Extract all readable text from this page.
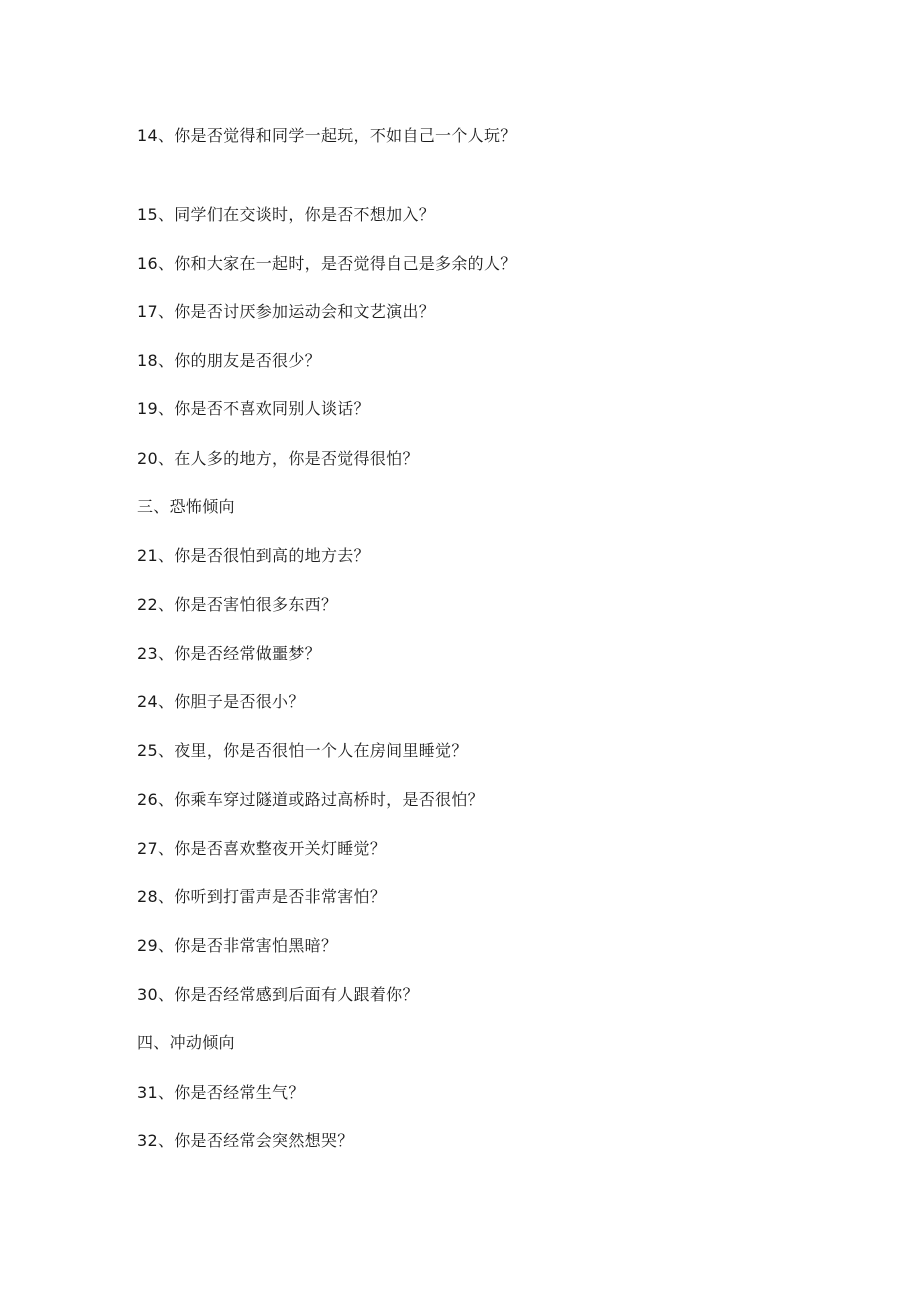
14、你是否觉得和同学一起玩，不如自己一个人玩？
15、同学们在交谈时，你是否不想加入？
16、你和大家在一起时，是否觉得自己是多余的人？
17、你是否讨厌参加运动会和文艺演出？
18、你的朋友是否很少？
19、你是否不喜欢同别人谈话？
20、在人多的地方，你是否觉得很怕？
三、恐怖倾向
21、你是否很怕到高的地方去？
22、你是否害怕很多东西？
23、你是否经常做噩梦？
24、你胆子是否很小？
25、夜里，你是否很怕一个人在房间里睡觉？
26、你乘车穿过隧道或路过高桥时，是否很怕？
27、你是否喜欢整夜开关灯睡觉？
28、你听到打雷声是否非常害怕？
29、你是否非常害怕黑暗？
30、你是否经常感到后面有人跟着你？
四、冲动倾向
31、你是否经常生气？
32、你是否经常会突然想哭？
